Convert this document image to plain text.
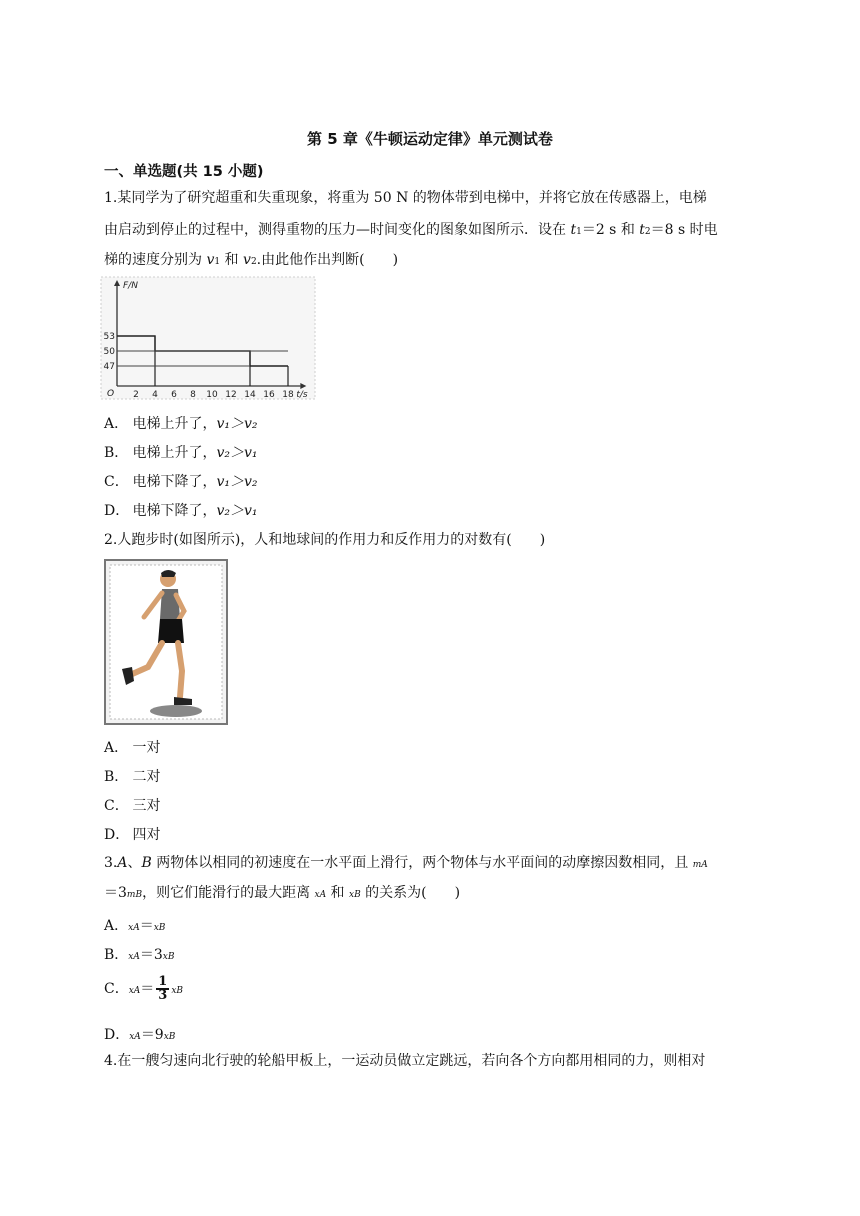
第 5 章《牛顿运动定律》单元测试卷
一、单选题(共 15 小题)
1.某同学为了研究超重和失重现象，将重为 50 N 的物体带到电梯中，并将它放在传感器上，电梯
由启动到停止的过程中，测得重物的压力—时间变化的图象如图所示．设在 t1＝2 s 和 t2＝8 s 时电
梯的速度分别为 v1 和 v2.由此他作出判断(　　)
F/N
t/s
O 2 4 6 8 10 12 14 16 18
53
50
47
A． 电梯上升了，v₁＞v₂
B． 电梯上升了，v₂＞v₁
C． 电梯下降了，v₁＞v₂
D． 电梯下降了，v₂＞v₁
2.人跑步时(如图所示)，人和地球间的作用力和反作用力的对数有(　　)
A． 一对
B． 二对
C． 三对
D． 四对
3.A、B 两物体以相同的初速度在一水平面上滑行，两个物体与水平面间的动摩擦因数相同，且 mA
＝3mB，则它们能滑行的最大距离 xA 和 xB 的关系为(　　)
A．xA＝xB
B．xA＝3xB
C．$xA= \frac{1}{3}$ xB
D．xA＝9xB
4.在一艘匀速向北行驶的轮船甲板上，一运动员做立定跳远，若向各个方向都用相同的力，则相对
